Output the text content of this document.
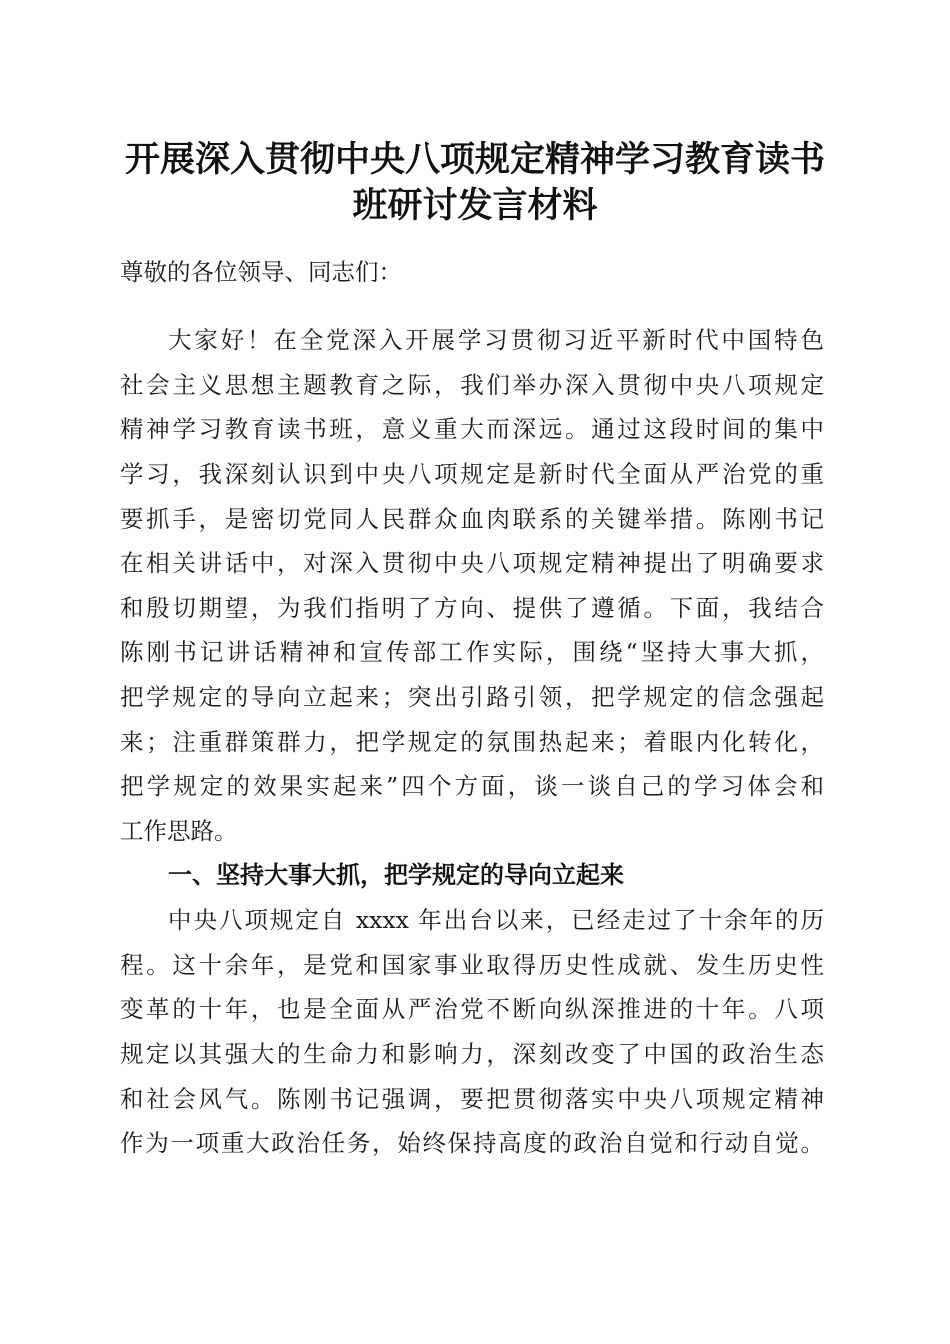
开展深入贯彻中央八项规定精神学习教育读书
班研讨发言材料
尊敬的各位领导、同志们：
大家好！在全党深入开展学习贯彻习近平新时代中国特色
社会主义思想主题教育之际，我们举办深入贯彻中央八项规定
精神学习教育读书班，意义重大而深远。通过这段时间的集中
学习，我深刻认识到中央八项规定是新时代全面从严治党的重
要抓手，是密切党同人民群众血肉联系的关键举措。陈刚书记
在相关讲话中，对深入贯彻中央八项规定精神提出了明确要求
和殷切期望，为我们指明了方向、提供了遵循。下面，我结合
陈刚书记讲话精神和宣传部工作实际，围绕“坚持大事大抓，
把学规定的导向立起来；突出引路引领，把学规定的信念强起
来；注重群策群力，把学规定的氛围热起来；着眼内化转化，
把学规定的效果实起来”四个方面，谈一谈自己的学习体会和
工作思路。
一、坚持大事大抓，把学规定的导向立起来
中央八项规定自 xxxx 年出台以来，已经走过了十余年的历
程。这十余年，是党和国家事业取得历史性成就、发生历史性
变革的十年，也是全面从严治党不断向纵深推进的十年。八项
规定以其强大的生命力和影响力，深刻改变了中国的政治生态
和社会风气。陈刚书记强调，要把贯彻落实中央八项规定精神
作为一项重大政治任务，始终保持高度的政治自觉和行动自觉。
